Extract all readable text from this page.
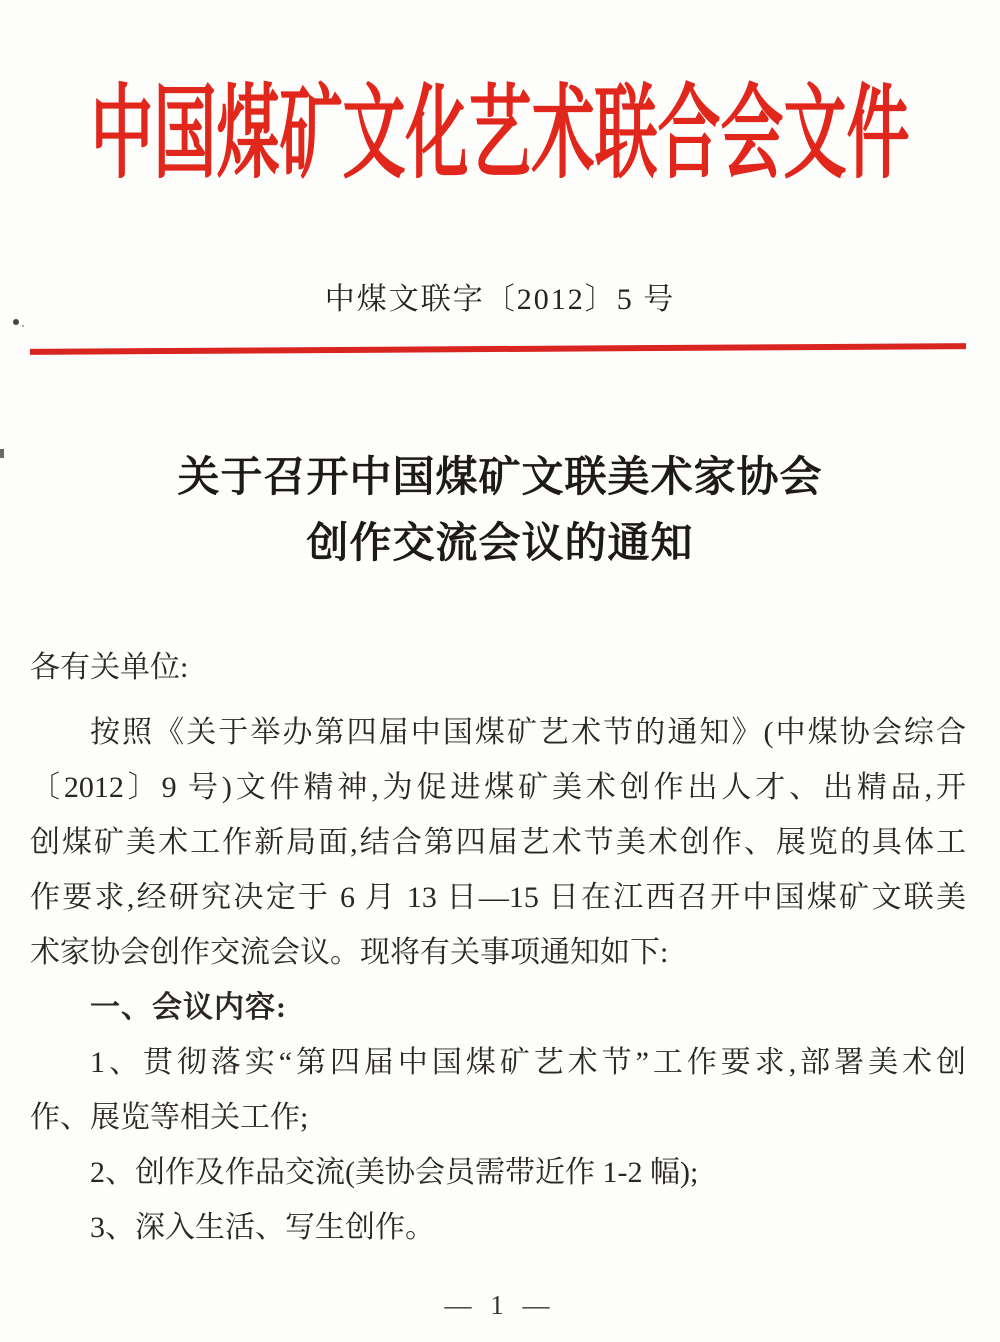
中国煤矿文化艺术联合会文件
中煤文联字〔2012〕5 号
关于召开中国煤矿文联美术家协会
创作交流会议的通知
各有关单位:
按照《关于举办第四届中国煤矿艺术节的通知》(中煤协会综合
〔2012〕9 号)文件精神,为促进煤矿美术创作出人才、出精品,开
创煤矿美术工作新局面,结合第四届艺术节美术创作、展览的具体工
作要求,经研究决定于 6 月 13 日—15 日在江西召开中国煤矿文联美
术家协会创作交流会议。现将有关事项通知如下:
一、会议内容:
1、贯彻落实“第四届中国煤矿艺术节”工作要求,部署美术创
作、展览等相关工作;
2、创作及作品交流(美协会员需带近作 1-2 幅);
3、深入生活、写生创作。
— 1 —
